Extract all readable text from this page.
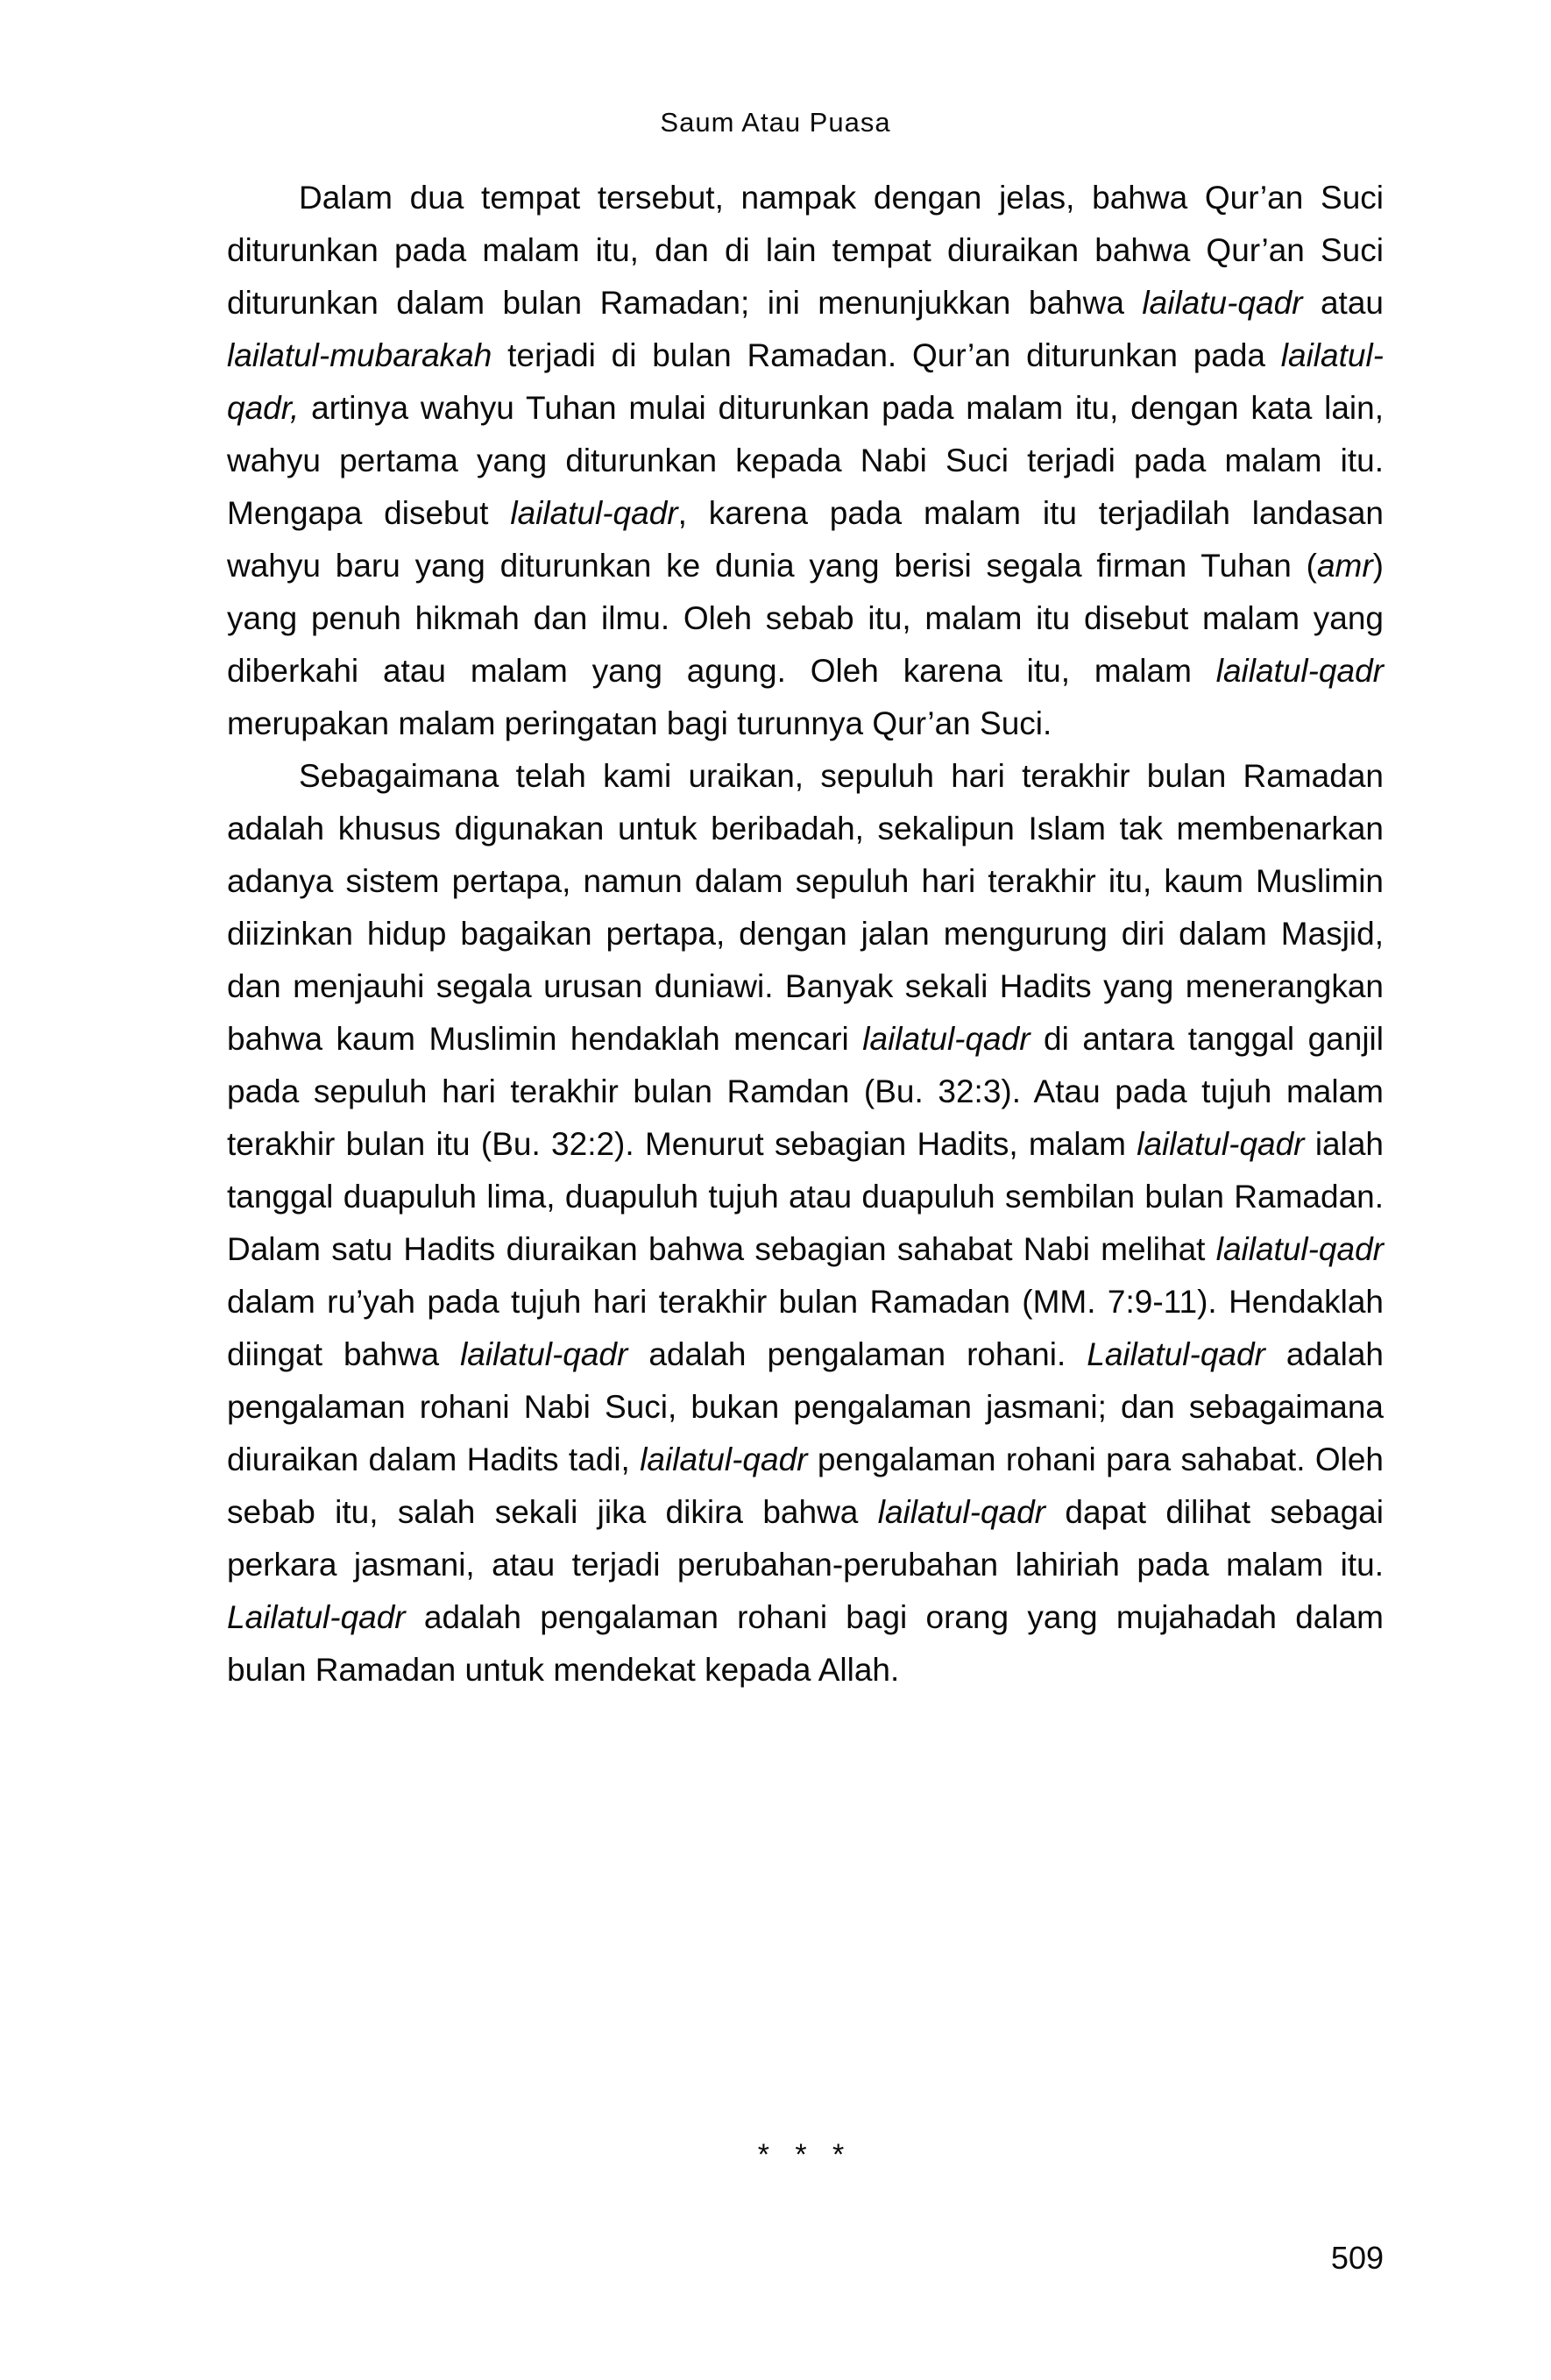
Saum Atau Puasa

Dalam dua tempat tersebut, nampak dengan jelas, bahwa Qur’an Suci diturunkan pada malam itu, dan di lain tempat diuraikan bahwa Qur’an Suci diturunkan dalam bulan Ramadan; ini menunjukkan bahwa lailatu-qadr atau lailatul-mubarakah terjadi di bulan Ramadan. Qur’an diturunkan pada lailatul-qadr, artinya wahyu Tuhan mulai diturunkan pada malam itu, dengan kata lain, wahyu pertama yang diturunkan kepada Nabi Suci terjadi pada malam itu. Mengapa disebut lailatul-qadr, karena pada malam itu terjadilah landasan wahyu baru yang diturunkan ke dunia yang berisi segala firman Tuhan (amr) yang penuh hikmah dan ilmu. Oleh sebab itu, malam itu disebut malam yang diberkahi atau malam yang agung. Oleh karena itu, malam lailatul-qadr merupakan malam peringatan bagi turunnya Qur’an Suci.

Sebagaimana telah kami uraikan, sepuluh hari terakhir bulan Ramadan adalah khusus digunakan untuk beribadah, sekalipun Islam tak membenarkan adanya sistem pertapa, namun dalam sepuluh hari terakhir itu, kaum Muslimin diizinkan hidup bagaikan pertapa, dengan jalan mengurung diri dalam Masjid, dan menjauhi segala urusan duniawi. Banyak sekali Hadits yang menerangkan bahwa kaum Muslimin hendaklah mencari lailatul-qadr di antara tanggal ganjil pada sepuluh hari terakhir bulan Ramdan (Bu. 32:3). Atau pada tujuh malam terakhir bulan itu (Bu. 32:2). Menurut sebagian Hadits, malam lailatul-qadr ialah tanggal duapuluh lima, duapuluh tujuh atau duapuluh sembilan bulan Ramadan. Dalam satu Hadits diuraikan bahwa sebagian sahabat Nabi melihat lailatul-qadr dalam ru’yah pada tujuh hari terakhir bulan Ramadan (MM. 7:9-11). Hendaklah diingat bahwa lailatul-qadr adalah pengalaman rohani. Lailatul-qadr adalah pengalaman rohani Nabi Suci, bukan pengalaman jasmani; dan sebagaimana diuraikan dalam Hadits tadi, lailatul-qadr pengalaman rohani para sahabat. Oleh sebab itu, salah sekali jika dikira bahwa lailatul-qadr dapat dilihat sebagai perkara jasmani, atau terjadi perubahan-perubahan lahiriah pada malam itu. Lailatul-qadr adalah pengalaman rohani bagi orang yang mujahadah dalam bulan Ramadan untuk mendekat kepada Allah.

* * *
509
